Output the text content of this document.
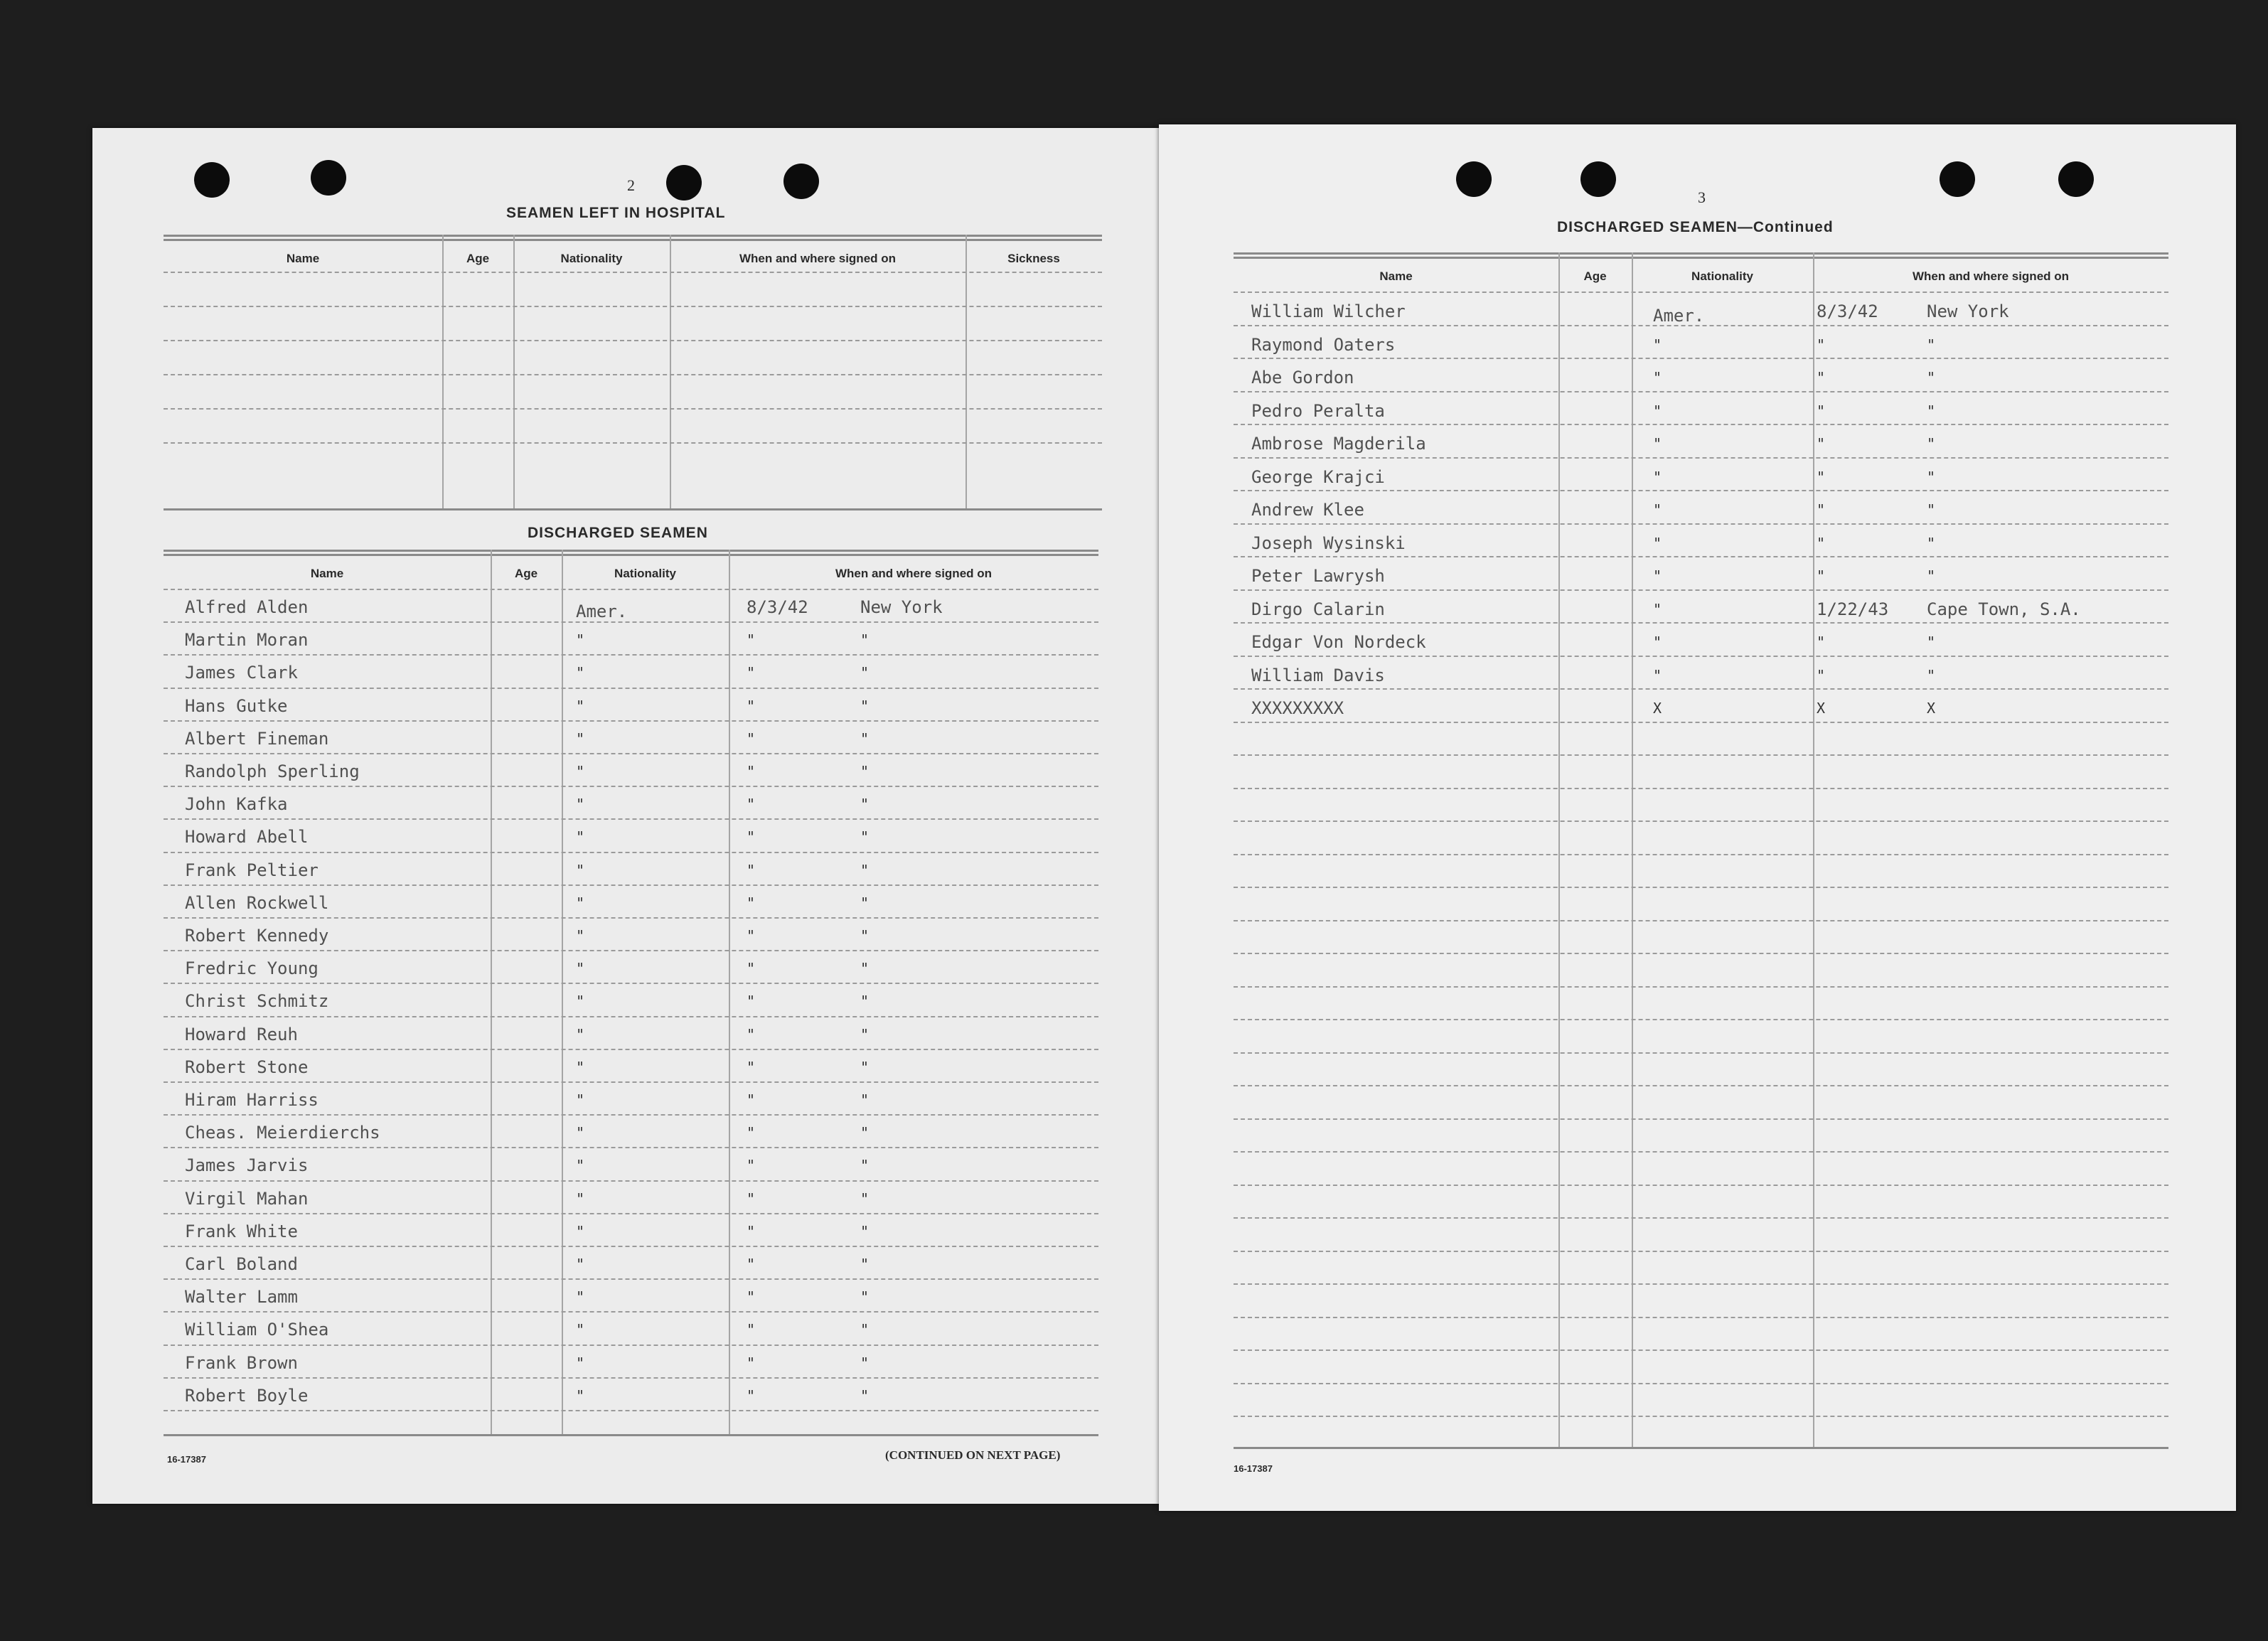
2
SEAMEN LEFT IN HOSPITAL
DISCHARGED SEAMEN
16-17387	(CONTINUED ON NEXT PAGE)
Name	Age	Nationality	When and where signed on	Sickness
Name	Age	Nationality	When and where signed on
Alfred Alden	Amer.	8/3/42	New York
Martin Moran	"	"	"
James Clark	"	"	"
Hans Gutke	"	"	"
Albert Fineman	"	"	"
Randolph Sperling	"	"	"
John Kafka	"	"	"
Howard Abell	"	"	"
Frank Peltier	"	"	"
Allen Rockwell	"	"	"
Robert Kennedy	"	"	"
Fredric Young	"	"	"
Christ Schmitz	"	"	"
Howard Reuh	"	"	"
Robert Stone	"	"	"
Hiram Harriss	"	"	"
Cheas. Meierdierchs	"	"	"
James Jarvis	"	"	"
Virgil Mahan	"	"	"
Frank White	"	"	"
Carl Boland	"	"	"
Walter Lamm	"	"	"
William O'Shea	"	"	"
Frank Brown	"	"	"
Robert Boyle	"	"	"
3
DISCHARGED SEAMEN—Continued
16-17387
Name	Age	Nationality	When and where signed on
William Wilcher	Amer.	8/3/42	New York
Raymond Oaters	"	"	"
Abe Gordon	"	"	"
Pedro Peralta	"	"	"
Ambrose Magderila	"	"	"
George Krajci	"	"	"
Andrew Klee	"	"	"
Joseph Wysinski	"	"	"
Peter Lawrysh	"	"	"
Dirgo Calarin	"	1/22/43 Cape Town, S.A.
Edgar Von Nordeck	"	"	"
William Davis	"	"	"
XXXXXXXXX	X	X	X
